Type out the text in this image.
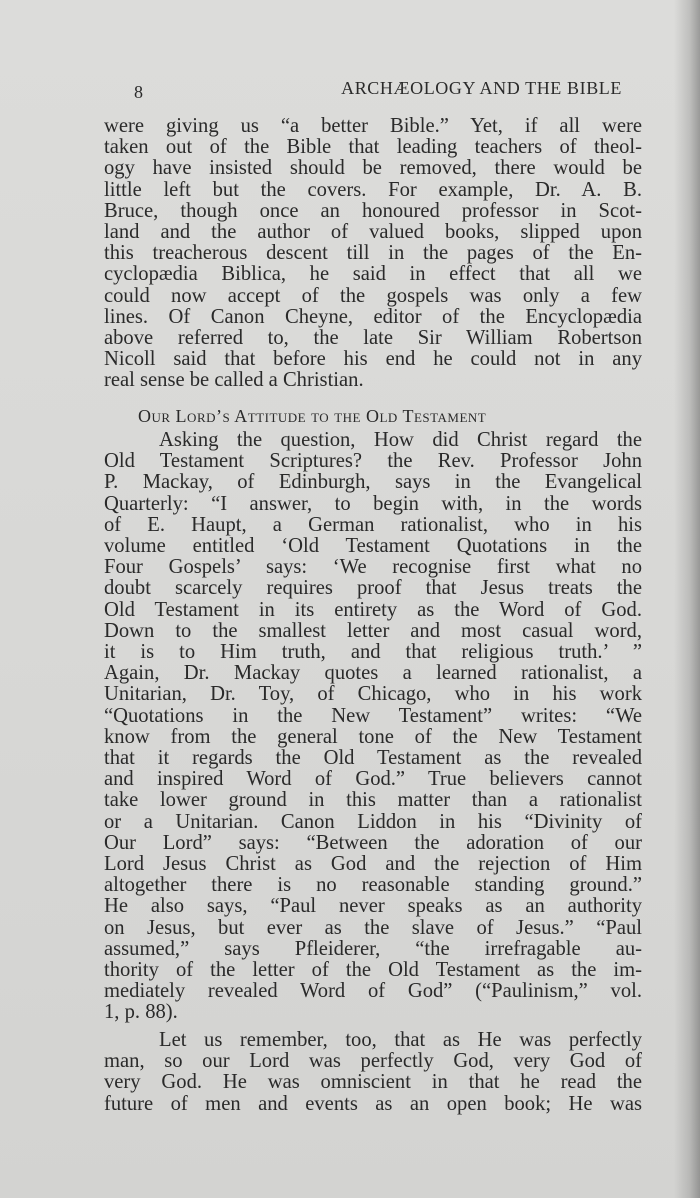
8	ARCHÆOLOGY AND THE BIBLE
were giving us “a better Bible.” Yet, if all were
taken out of the Bible that leading teachers of theol-
ogy have insisted should be removed, there would be
little left but the covers. For example, Dr. A. B.
Bruce, though once an honoured professor in Scot-
land and the author of valued books, slipped upon
this treacherous descent till in the pages of the En-
cyclopædia Biblica, he said in effect that all we
could now accept of the gospels was only a few
lines. Of Canon Cheyne, editor of the Encyclopædia
above referred to, the late Sir William Robertson
Nicoll said that before his end he could not in any
real sense be called a Christian.
Our Lord’s Attitude to the Old Testament
Asking the question, How did Christ regard the
Old Testament Scriptures? the Rev. Professor John
P. Mackay, of Edinburgh, says in the Evangelical
Quarterly: “I answer, to begin with, in the words
of E. Haupt, a German rationalist, who in his
volume entitled ‘Old Testament Quotations in the
Four Gospels’ says: ‘We recognise first what no
doubt scarcely requires proof that Jesus treats the
Old Testament in its entirety as the Word of God.
Down to the smallest letter and most casual word,
it is to Him truth, and that religious truth.’ ”
Again, Dr. Mackay quotes a learned rationalist, a
Unitarian, Dr. Toy, of Chicago, who in his work
“Quotations in the New Testament” writes: “We
know from the general tone of the New Testament
that it regards the Old Testament as the revealed
and inspired Word of God.” True believers cannot
take lower ground in this matter than a rationalist
or a Unitarian. Canon Liddon in his “Divinity of
Our Lord” says: “Between the adoration of our
Lord Jesus Christ as God and the rejection of Him
altogether there is no reasonable standing ground.”
He also says, “Paul never speaks as an authority
on Jesus, but ever as the slave of Jesus.” “Paul
assumed,” says Pfleiderer, “the irrefragable au-
thority of the letter of the Old Testament as the im-
mediately revealed Word of God” (“Paulinism,” vol.
1, p. 88).
Let us remember, too, that as He was perfectly
man, so our Lord was perfectly God, very God of
very God. He was omniscient in that he read the
future of men and events as an open book; He was
